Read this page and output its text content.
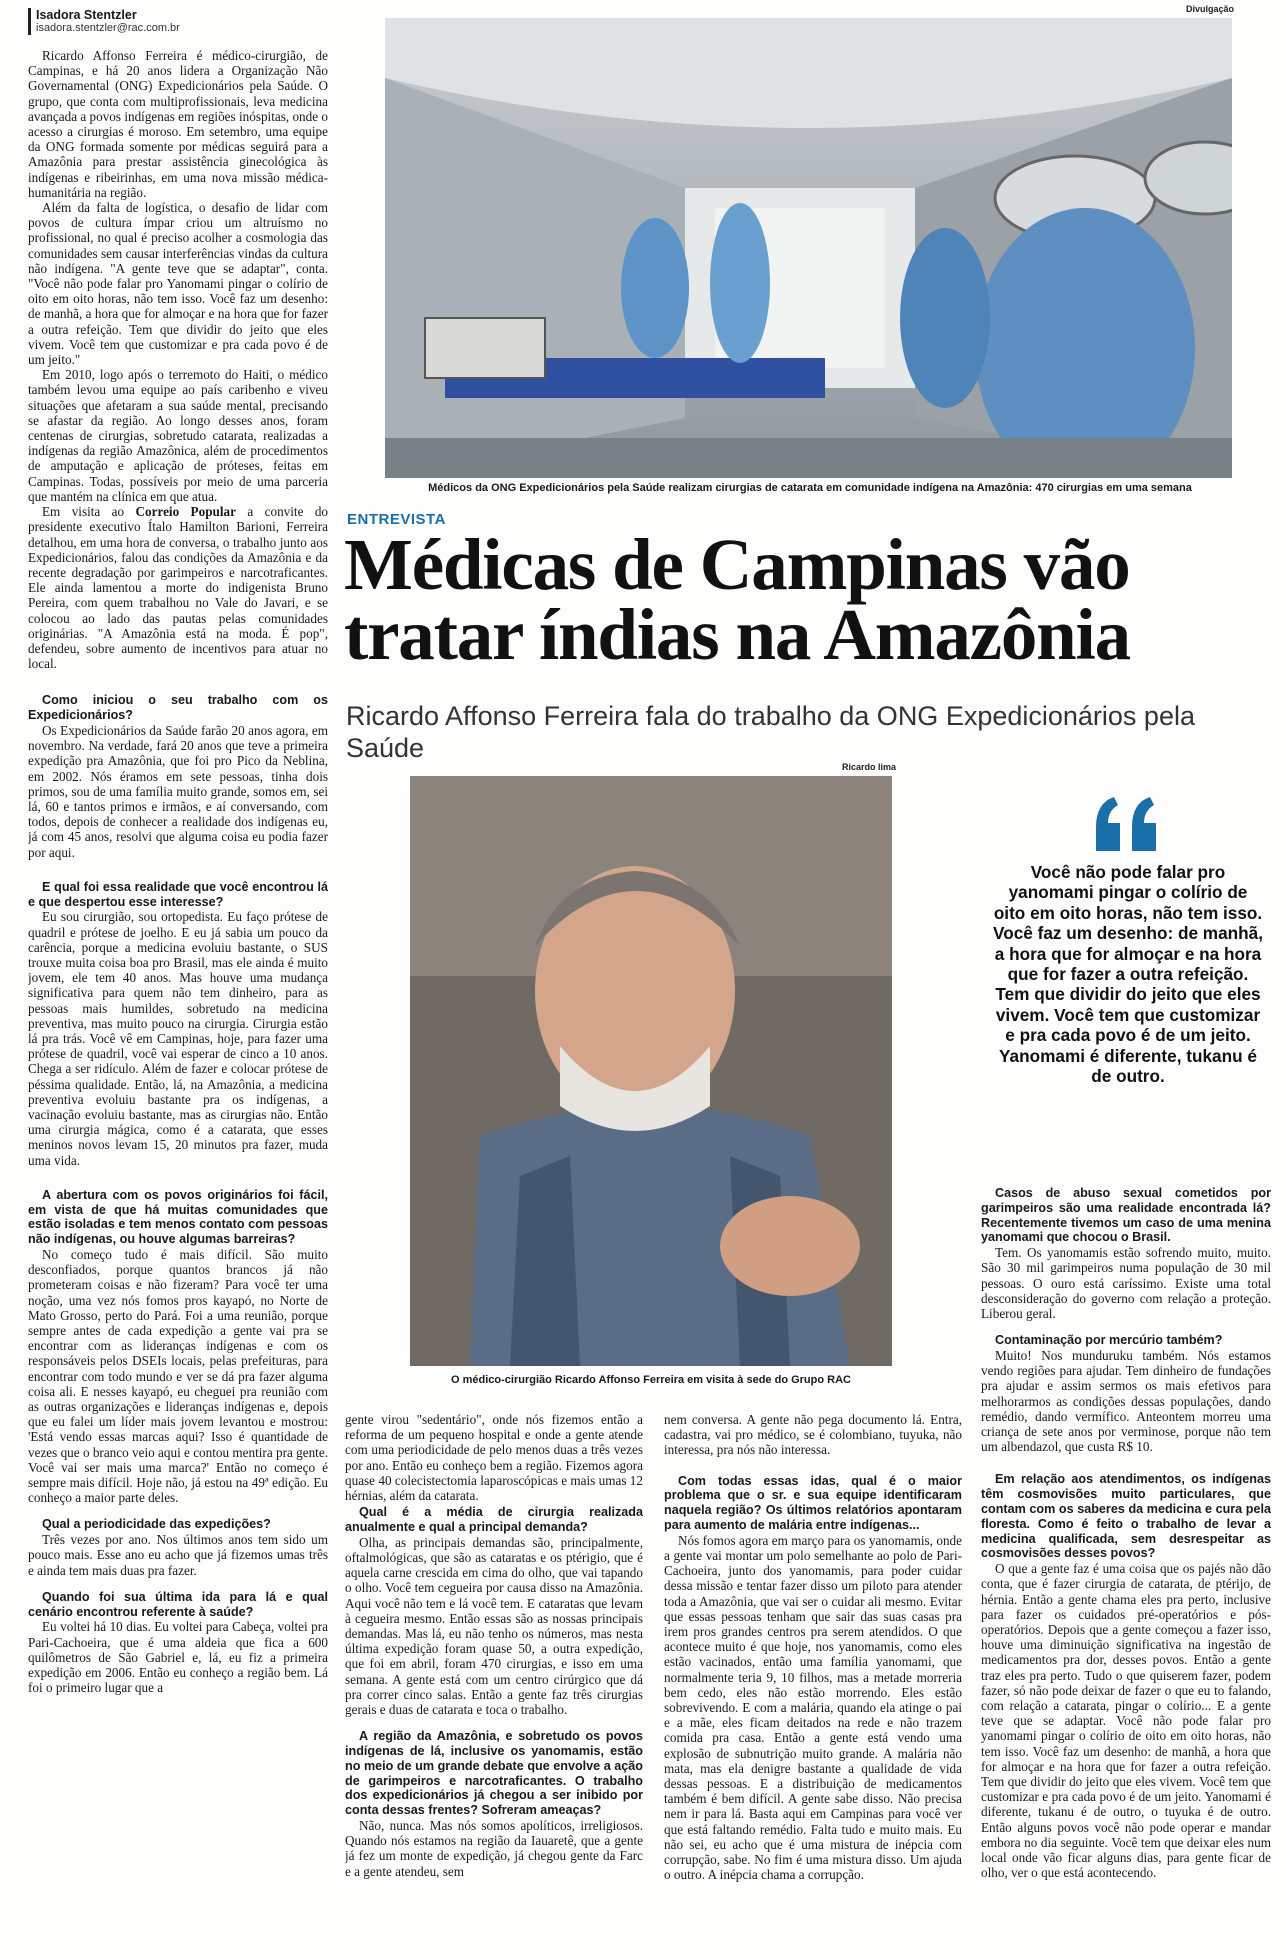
Isadora Stentzler
isadora.stentzler@rac.com.br

Ricardo Affonso Ferreira é médico-cirurgião, de Campinas, e há 20 anos lidera a Organização Não Governamental (ONG) Expedicionários pela Saúde. O grupo, que conta com multiprofissionais, leva medicina avançada a povos indígenas em regiões inóspitas, onde o acesso a cirurgias é moroso. Em setembro, uma equipe da ONG formada somente por médicas seguirá para a Amazônia para prestar assistência ginecológica às indígenas e ribeirinhas, em uma nova missão médica-humanitária na região.

Além da falta de logística, o desafio de lidar com povos de cultura ímpar criou um altruísmo no profissional, no qual é preciso acolher a cosmologia das comunidades sem causar interferências vindas da cultura não indígena. "A gente teve que se adaptar", conta. "Você não pode falar pro Yanomami pingar o colírio de oito em oito horas, não tem isso. Você faz um desenho: de manhã, a hora que for almoçar e na hora que for fazer a outra refeição. Tem que dividir do jeito que eles vivem. Você tem que customizar e pra cada povo é de um jeito."

Em 2010, logo após o terremoto do Haiti, o médico também levou uma equipe ao país caribenho e viveu situações que afetaram a sua saúde mental, precisando se afastar da região. Ao longo desses anos, foram centenas de cirurgias, sobretudo catarata, realizadas a indígenas da região Amazônica, além de procedimentos de amputação e aplicação de próteses, feitas em Campinas. Todas, possíveis por meio de uma parceria que mantém na clínica em que atua.

Em visita ao Correio Popular a convite do presidente executivo Ítalo Hamilton Barioni, Ferreira detalhou, em uma hora de conversa, o trabalho junto aos Expedicionários, falou das condições da Amazônia e da recente degradação por garimpeiros e narcotraficantes. Ele ainda lamentou a morte do indigenista Bruno Pereira, com quem trabalhou no Vale do Javari, e se colocou ao lado das pautas pelas comunidades originárias. "A Amazônia está na moda. É pop", defendeu, sobre aumento de incentivos para atuar no local.

Como iniciou o seu trabalho com os Expedicionários?

Os Expedicionários da Saúde farão 20 anos agora, em novembro. Na verdade, fará 20 anos que teve a primeira expedição pra Amazônia, que foi pro Pico da Neblina, em 2002. Nós éramos em sete pessoas, tinha dois primos, sou de uma família muito grande, somos em, sei lá, 60 e tantos primos e irmãos, e aí conversando, com todos, depois de conhecer a realidade dos indígenas eu, já com 45 anos, resolvi que alguma coisa eu podia fazer por aqui.

E qual foi essa realidade que você encontrou lá e que despertou esse interesse?

Eu sou cirurgião, sou ortopedista. Eu faço prótese de quadril e prótese de joelho. E eu já sabia um pouco da carência, porque a medicina evoluiu bastante, o SUS trouxe muita coisa boa pro Brasil, mas ele ainda é muito jovem, ele tem 40 anos. Mas houve uma mudança significativa para quem não tem dinheiro, para as pessoas mais humildes, sobretudo na medicina preventiva, mas muito pouco na cirurgia. Cirurgia estão lá pra trás. Você vê em Campinas, hoje, para fazer uma prótese de quadril, você vai esperar de cinco a 10 anos. Chega a ser ridículo. Além de fazer e colocar prótese de péssima qualidade. Então, lá, na Amazônia, a medicina preventiva evoluiu bastante pra os indígenas, a vacinação evoluiu bastante, mas as cirurgias não. Então uma cirurgia mágica, como é a catarata, que esses meninos novos levam 15, 20 minutos pra fazer, muda uma vida.

A abertura com os povos originários foi fácil, em vista de que há muitas comunidades que estão isoladas e tem menos contato com pessoas não indígenas, ou houve algumas barreiras?

No começo tudo é mais difícil. São muito desconfiados, porque quantos brancos já não prometeram coisas e não fizeram? Para você ter uma noção, uma vez nós fomos pros kayapó, no Norte de Mato Grosso, perto do Pará. Foi a uma reunião, porque sempre antes de cada expedição a gente vai pra se encontrar com as lideranças indígenas e com os responsáveis pelos DSEIs locais, pelas prefeituras, para encontrar com todo mundo e ver se dá pra fazer alguma coisa ali. E nesses kayapó, eu cheguei pra reunião com as outras organizações e lideranças indígenas e, depois que eu falei um líder mais jovem levantou e mostrou: 'Está vendo essas marcas aqui? Isso é quantidade de vezes que o branco veio aqui e contou mentira pra gente. Você vai ser mais uma marca?' Então no começo é sempre mais difícil. Hoje não, já estou na 49ª edição. Eu conheço a maior parte deles.

Qual a periodicidade das expedições?

Três vezes por ano. Nos últimos anos tem sido um pouco mais. Esse ano eu acho que já fizemos umas três e ainda tem mais duas pra fazer.

Quando foi sua última ida para lá e qual cenário encontrou referente à saúde?

Eu voltei há 10 dias. Eu voltei para Cabeça, voltei pra Pari-Cachoeira, que é uma aldeia que fica a 600 quilômetros de São Gabriel e, lá, eu fiz a primeira expedição em 2006. Então eu conheço a região bem. Lá foi o primeiro lugar que a

Divulgação
Médicos da ONG Expedicionários pela Saúde realizam cirurgias de catarata em comunidade indígena na Amazônia: 470 cirurgias em uma semana
ENTREVISTA
Médicas de Campinas vão
tratar índias na Amazônia
Ricardo Affonso Ferreira fala do trabalho da ONG Expedicionários pela Saúde
Ricardo lima
O médico-cirurgião Ricardo Affonso Ferreira em visita à sede do Grupo RAC
Você não pode falar pro yanomami pingar o colírio de oito em oito horas, não tem isso. Você faz um desenho: de manhã, a hora que for almoçar e na hora que for fazer a outra refeição. Tem que dividir do jeito que eles vivem. Você tem que customizar e pra cada povo é de um jeito. Yanomami é diferente, tukanu é de outro.

gente virou "sedentário", onde nós fizemos então a reforma de um pequeno hospital e onde a gente atende com uma periodicidade de pelo menos duas a três vezes por ano. Então eu conheço bem a região. Fizemos agora quase 40 colecistectomia laparoscópicas e mais umas 12 hérnias, além da catarata.

Qual é a média de cirurgia realizada anualmente e qual a principal demanda?

Olha, as principais demandas são, principalmente, oftalmológicas, que são as cataratas e os ptérigio, que é aquela carne crescida em cima do olho, que vai tapando o olho. Você tem cegueira por causa disso na Amazônia. Aqui você não tem e lá você tem. E cataratas que levam à cegueira mesmo. Então essas são as nossas principais demandas. Mas lá, eu não tenho os números, mas nesta última expedição foram quase 50, a outra expedição, que foi em abril, foram 470 cirurgias, e isso em uma semana. A gente está com um centro cirúrgico que dá pra correr cinco salas. Então a gente faz três cirurgias gerais e duas de catarata e toca o trabalho.

A região da Amazônia, e sobretudo os povos indígenas de lá, inclusive os yanomamis, estão no meio de um grande debate que envolve a ação de garimpeiros e narcotraficantes. O trabalho dos expedicionários já chegou a ser inibido por conta dessas frentes? Sofreram ameaças?

Não, nunca. Mas nós somos apolíticos, irreligiosos. Quando nós estamos na região da Iauaretê, que a gente já fez um monte de expedição, já chegou gente da Farc e a gente atendeu, sem

nem conversa. A gente não pega documento lá. Entra, cadastra, vai pro médico, se é colombiano, tuyuka, não interessa, pra nós não interessa.

Com todas essas idas, qual é o maior problema que o sr. e sua equipe identificaram naquela região? Os últimos relatórios apontaram para aumento de malária entre indígenas...

Nós fomos agora em março para os yanomamis, onde a gente vai montar um polo semelhante ao polo de Pari-Cachoeira, junto dos yanomamis, para poder cuidar dessa missão e tentar fazer disso um piloto para atender toda a Amazônia, que vai ser o cuidar ali mesmo. Evitar que essas pessoas tenham que sair das suas casas pra irem pros grandes centros pra serem atendidos. O que acontece muito é que hoje, nos yanomamis, como eles estão vacinados, então uma família yanomami, que normalmente teria 9, 10 filhos, mas a metade morreria bem cedo, eles não estão morrendo. Eles estão sobrevivendo. E com a malária, quando ela atinge o pai e a mãe, eles ficam deitados na rede e não trazem comida pra casa. Então a gente está vendo uma explosão de subnutrição muito grande. A malária não mata, mas ela denigre bastante a qualidade de vida dessas pessoas. E a distribuição de medicamentos também é bem difícil. A gente sabe disso. Não precisa nem ir para lá. Basta aqui em Campinas para você ver que está faltando remédio. Falta tudo e muito mais. Eu não sei, eu acho que é uma mistura de inépcia com corrupção, sabe. No fim é uma mistura disso. Um ajuda o outro. A inépcia chama a corrupção.

Casos de abuso sexual cometidos por garimpeiros são uma realidade encontrada lá? Recentemente tivemos um caso de uma menina yanomami que chocou o Brasil.

Tem. Os yanomamis estão sofrendo muito, muito. São 30 mil garimpeiros numa população de 30 mil pessoas. O ouro está caríssimo. Existe uma total desconsideração do governo com relação a proteção. Liberou geral.

Contaminação por mercúrio também?

Muito! Nos munduruku também. Nós estamos vendo regiões para ajudar. Tem dinheiro de fundações pra ajudar e assim sermos os mais efetivos para melhorarmos as condições dessas populações, dando remédio, dando vermífico. Anteontem morreu uma criança de sete anos por verminose, porque não tem um albendazol, que custa R$ 10.

Em relação aos atendimentos, os indígenas têm cosmovisões muito particulares, que contam com os saberes da medicina e cura pela floresta. Como é feito o trabalho de levar a medicina qualificada, sem desrespeitar as cosmovisões desses povos?

O que a gente faz é uma coisa que os pajés não dão conta, que é fazer cirurgia de catarata, de ptérijo, de hérnia. Então a gente chama eles pra perto, inclusive para fazer os cuidados pré-operatórios e pós-operatórios. Depois que a gente começou a fazer isso, houve uma diminuição significativa na ingestão de medicamentos pra dor, desses povos. Então a gente traz eles pra perto. Tudo o que quiserem fazer, podem fazer, só não pode deixar de fazer o que eu to falando, com relação a catarata, pingar o colírio... E a gente teve que se adaptar. Você não pode falar pro yanomami pingar o colírio de oito em oito horas, não tem isso. Você faz um desenho: de manhã, a hora que for almoçar e na hora que for fazer a outra refeição. Tem que dividir do jeito que eles vivem. Você tem que customizar e pra cada povo é de um jeito. Yanomami é diferente, tukanu é de outro, o tuyuka é de outro. Então alguns povos você não pode operar e mandar embora no dia seguinte. Você tem que deixar eles num local onde vão ficar alguns dias, para gente ficar de olho, ver o que está acontecendo.
